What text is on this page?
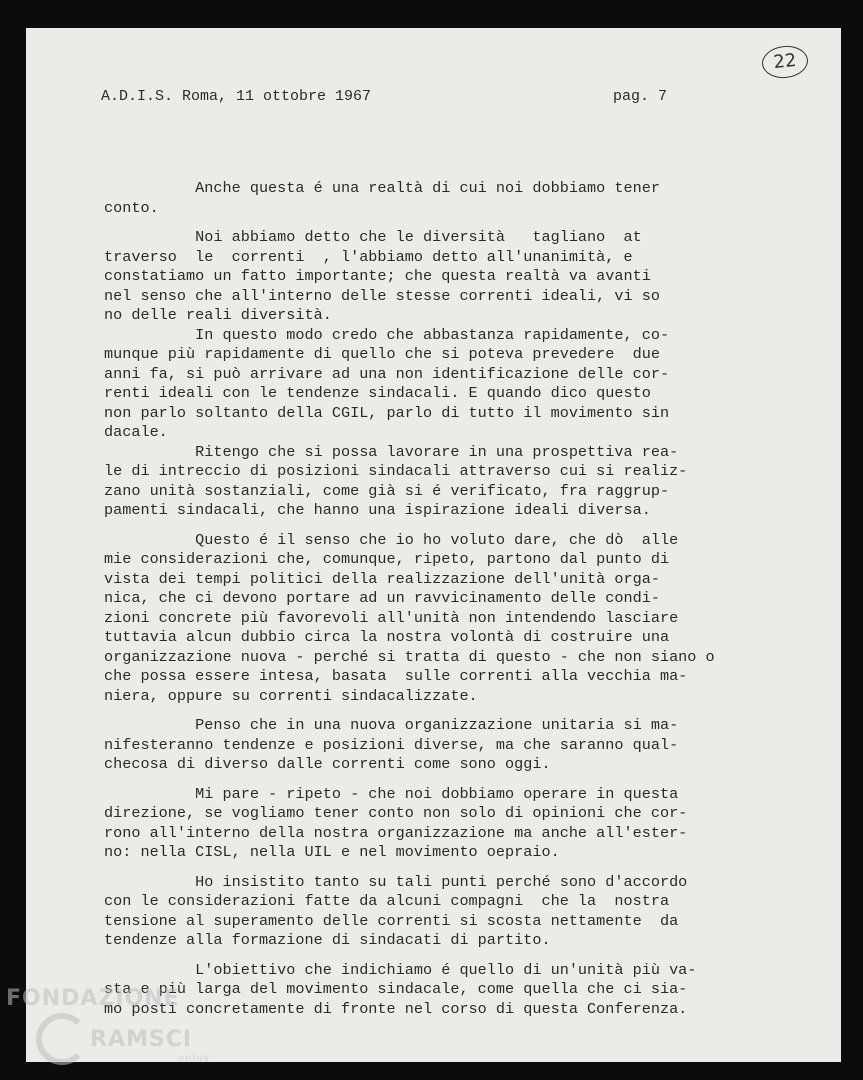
22
A.D.I.S. Roma, 11 ottobre 1967	pag. 7
Anche questa é una realtà di cui noi dobbiamo tener
conto.
Noi abbiamo detto che le diversità   tagliano  at
traverso  le  correnti  , l'abbiamo detto all'unanimità, e
constatiamo un fatto importante; che questa realtà va avanti
nel senso che all'interno delle stesse correnti ideali, vi so
no delle reali diversità.
In questo modo credo che abbastanza rapidamente, co-
munque più rapidamente di quello che si poteva prevedere  due
anni fa, si può arrivare ad una non identificazione delle cor-
renti ideali con le tendenze sindacali. E quando dico questo
non parlo soltanto della CGIL, parlo di tutto il movimento sin
dacale.
Ritengo che si possa lavorare in una prospettiva rea-
le di intreccio di posizioni sindacali attraverso cui si realiz-
zano unità sostanziali, come già si é verificato, fra raggrup-
pamenti sindacali, che hanno una ispirazione ideali diversa.
Questo é il senso che io ho voluto dare, che dò  alle
mie considerazioni che, comunque, ripeto, partono dal punto di
vista dei tempi politici della realizzazione dell'unità orga-
nica, che ci devono portare ad un ravvicinamento delle condi-
zioni concrete più favorevoli all'unità non intendendo lasciare
tuttavia alcun dubbio circa la nostra volontà di costruire una
organizzazione nuova - perché si tratta di questo - che non siano o
che possa essere intesa, basata  sulle correnti alla vecchia ma-
niera, oppure su correnti sindacalizzate.
Penso che in una nuova organizzazione unitaria si ma-
nifesteranno tendenze e posizioni diverse, ma che saranno qual-
checosa di diverso dalle correnti come sono oggi.
Mi pare - ripeto - che noi dobbiamo operare in questa
direzione, se vogliamo tener conto non solo di opinioni che cor-
rono all'interno della nostra organizzazione ma anche all'ester-
no: nella CISL, nella UIL e nel movimento oepraio.
Ho insistito tanto su tali punti perché sono d'accordo
con le considerazioni fatte da alcuni compagni  che la  nostra
tensione al superamento delle correnti si scosta nettamente  da
tendenze alla formazione di sindacati di partito.
L'obiettivo che indichiamo é quello di un'unità più va-
sta e più larga del movimento sindacale, come quella che ci sia-
mo posti concretamente di fronte nel corso di questa Conferenza.
FONDAZIONE
RAMSCI
onlus
